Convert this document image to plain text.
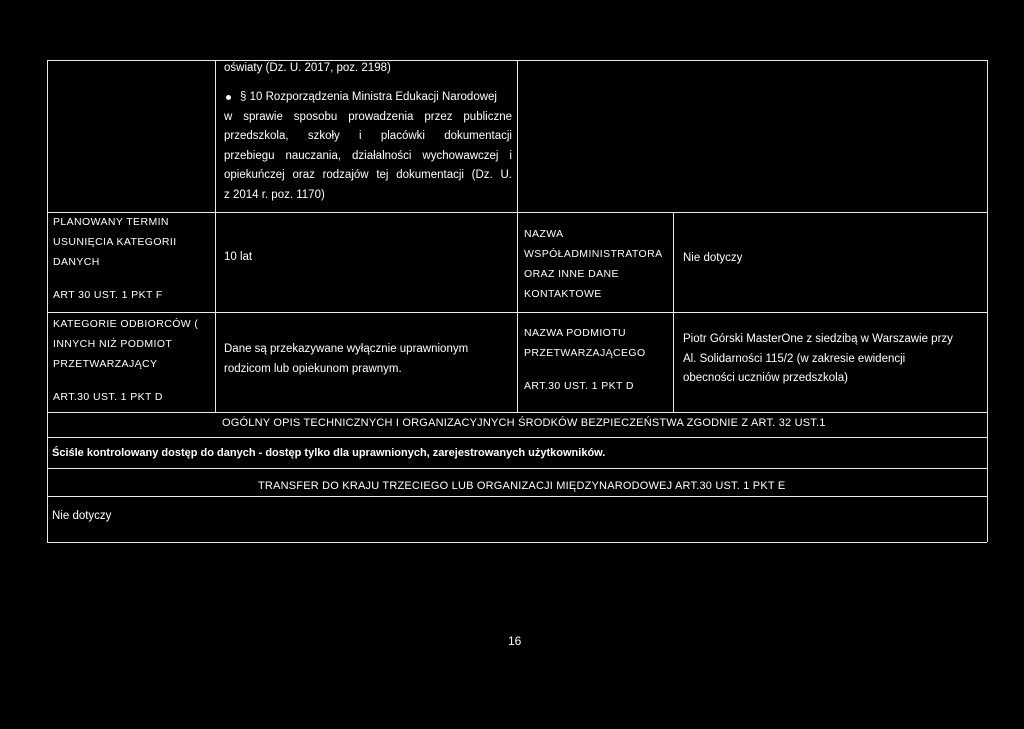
oświaty (Dz. U. 2017, poz. 2198)
§ 10 Rozporządzenia Ministra Edukacji Narodowej
w sprawie sposobu prowadzenia przez publiczne
przedszkola, szkoły i placówki dokumentacji
przebiegu nauczania, działalności wychowawczej i
opiekuńczej oraz rodzajów tej dokumentacji (Dz. U.
z 2014 r. poz. 1170)
PLANOWANY TERMIN
USUNIĘCIA KATEGORII
DANYCH
ART 30 UST. 1 PKT F
10 lat
NAZWA
WSPÓŁADMINISTRATORA
ORAZ INNE DANE
KONTAKTOWE
Nie dotyczy
KATEGORIE ODBIORCÓW (
INNYCH NIŻ PODMIOT
PRZETWARZAJĄCY
ART.30 UST. 1 PKT D
Dane są przekazywane wyłącznie uprawnionym
rodzicom lub opiekunom prawnym.
NAZWA PODMIOTU
PRZETWARZAJĄCEGO
ART.30 UST. 1 PKT D
Piotr Górski MasterOne z siedzibą w Warszawie przy
Al. Solidarności 115/2 (w zakresie ewidencji
obecności uczniów przedszkola)
OGÓLNY OPIS TECHNICZNYCH I ORGANIZACYJNYCH ŚRODKÓW BEZPIECZEŃSTWA ZGODNIE Z ART. 32 UST.1
Ściśle kontrolowany dostęp do danych - dostęp tylko dla uprawnionych, zarejestrowanych użytkowników.
TRANSFER DO KRAJU TRZECIEGO LUB ORGANIZACJI MIĘDZYNARODOWEJ ART.30 UST. 1 PKT E
Nie dotyczy
16
